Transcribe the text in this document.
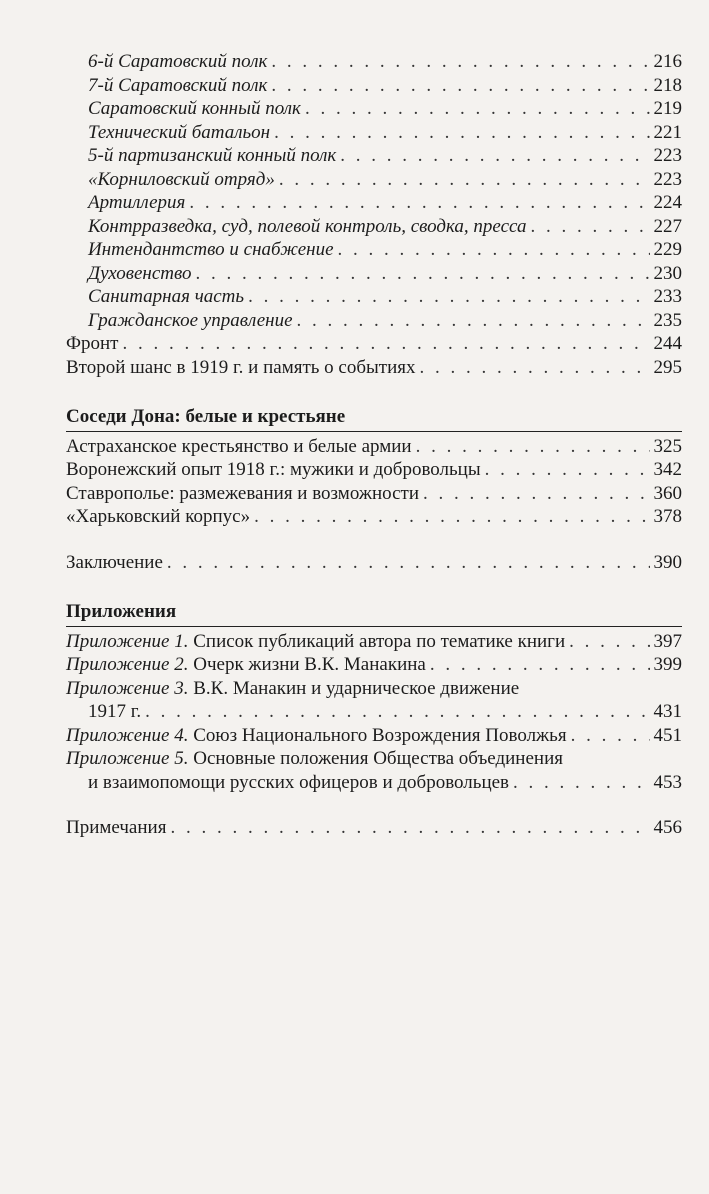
6-й Саратовский полк . . .	216
7-й Саратовский полк . . .	218
Саратовский конный полк . . .	219
Технический батальон . . .	221
5-й партизанский конный полк . . .	223
«Корниловский отряд» . . .	223
Артиллерия . . .	224
Контрразведка, суд, полевой контроль, сводка, пресса . . .	227
Интендантство и снабжение . . .	229
Духовенство . . .	230
Санитарная часть . . .	233
Гражданское управление . . .	235
Фронт . . .	244
Второй шанс в 1919 г. и память о событиях . . .	295
Соседи Дона: белые и крестьяне
Астраханское крестьянство и белые армии . . .	325
Воронежский опыт 1918 г.: мужики и добровольцы . . .	342
Ставрополье: размежевания и возможности . . .	360
«Харьковский корпус» . . .	378
Заключение . . .	390
Приложения
Приложение 1. Список публикаций автора по тематике книги . . .	397
Приложение 2. Очерк жизни В.К. Манакина . . .	399
Приложение 3. В.К. Манакин и ударническое движение
1917 г. . . .	431
Приложение 4. Союз Национального Возрождения Поволжья . . .	451
Приложение 5. Основные положения Общества объединения
и взаимопомощи русских офицеров и добровольцев . . .	453
Примечания . . .	456
